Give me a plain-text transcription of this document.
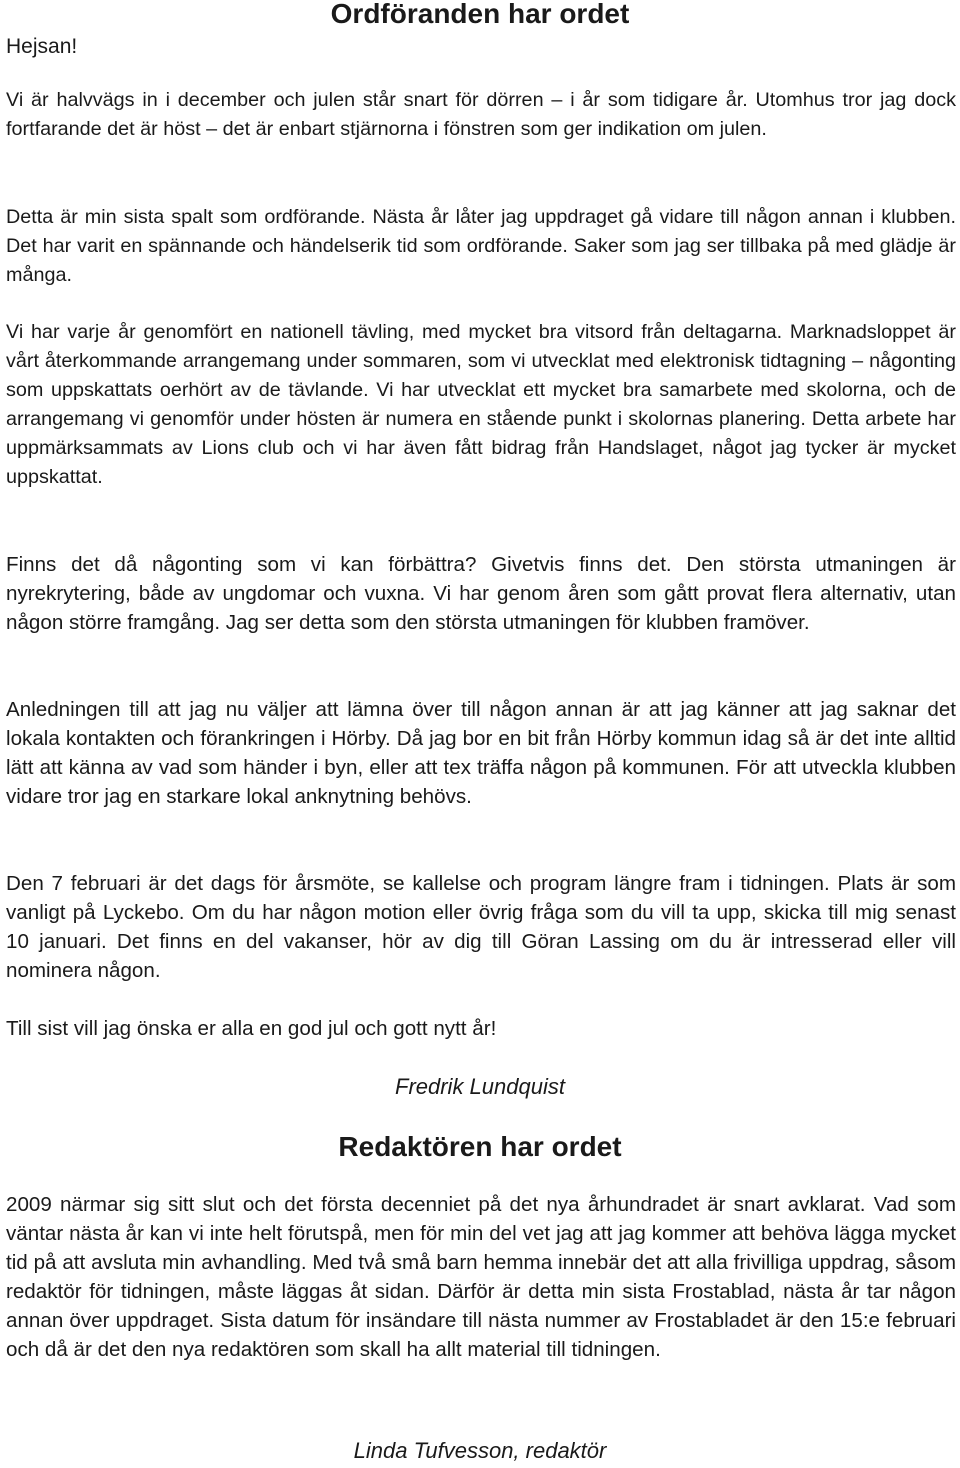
Hejsan!

Ordföranden har ordet

Vi är halvvägs in i december och julen står snart för dörren – i år som tidigare år. Utomhus tror jag dock fortfarande det är höst – det är enbart stjärnorna i fönstren som ger indikation om julen.

Detta är min sista spalt som ordförande. Nästa år låter jag uppdraget gå vidare till någon annan i klubben. Det har varit en spännande och händelserik tid som ordförande. Saker som jag ser tillbaka på med glädje är många.

Vi har varje år genomfört en nationell tävling, med mycket bra vitsord från deltagarna. Marknadsloppet är vårt återkommande arrangemang under sommaren, som vi utvecklat med elektronisk tidtagning – någonting som uppskattats oerhört av de tävlande. Vi har utvecklat ett mycket bra samarbete med skolorna, och de arrangemang vi genomför under hösten är numera en stående punkt i skolornas planering. Detta arbete har uppmärksammats av Lions club och vi har även fått bidrag från Handslaget, något jag tycker är mycket uppskattat.

Finns det då någonting som vi kan förbättra? Givetvis finns det. Den största utmaningen är nyrekrytering, både av ungdomar och vuxna. Vi har genom åren som gått provat flera alternativ, utan någon större framgång. Jag ser detta som den största utmaningen för klubben framöver.

Anledningen till att jag nu väljer att lämna över till någon annan är att jag känner att jag saknar det lokala kontakten och förankringen i Hörby. Då jag bor en bit från Hörby kommun idag så är det inte alltid lätt att känna av vad som händer i byn, eller att tex träffa någon på kommunen. För att utveckla klubben vidare tror jag en starkare lokal anknytning behövs.

Den 7 februari är det dags för årsmöte, se kallelse och program längre fram i tidningen. Plats är som vanligt på Lyckebo. Om du har någon motion eller övrig fråga som du vill ta upp, skicka till mig senast 10 januari. Det finns en del vakanser, hör av dig till Göran Lassing om du är intresserad eller vill nominera någon.

Till sist vill jag önska er alla en god jul och gott nytt år!

Fredrik Lundquist

Redaktören har ordet

2009 närmar sig sitt slut och det första decenniet på det nya århundradet är snart avklarat. Vad som väntar nästa år kan vi inte helt förutspå, men för min del vet jag att jag kommer att behöva lägga mycket tid på att avsluta min avhandling. Med två små barn hemma innebär det att alla frivilliga uppdrag, såsom redaktör för tidningen, måste läggas åt sidan. Därför är detta min sista Frostablad, nästa år tar någon annan över uppdraget. Sista datum för insändare till nästa nummer av Frostabladet är den 15:e februari och då är det den nya redaktören som skall ha allt material till tidningen.

Linda Tufvesson, redaktör
